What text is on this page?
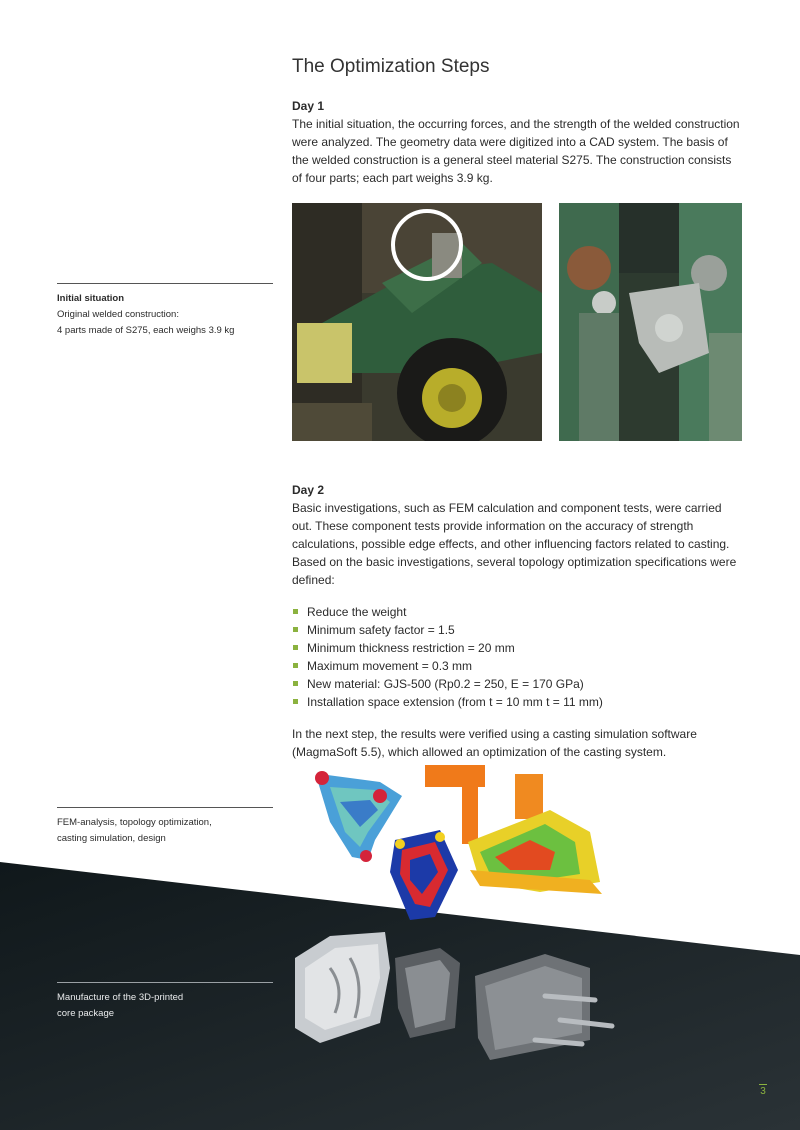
The Optimization Steps
Day 1

The initial situation, the occurring forces, and the strength of the welded construction were analyzed. The geometry data were digitized into a CAD system. The basis of the welded construction is a general steel material S275. The construction consists of four parts; each part weighs 3.9 kg.

Initial situation
Original welded construction:
4 parts made of S275, each weighs 3.9 kg
Day 2

Basic investigations, such as FEM calculation and component tests, were carried out. These component tests provide information on the accuracy of strength calculations, possible edge effects, and other influencing factors related to casting. Based on the basic investigations, several topology optimization specifications were defined:

Reduce the weight
Minimum safety factor = 1.5
Minimum thickness restriction = 20 mm
Maximum movement = 0.3 mm
New material: GJS-500 (Rp0.2 = 250, E = 170 GPa)
Installation space extension (from t = 10 mm t = 11 mm)

In the next step, the results were verified using a casting simulation software (MagmaSoft 5.5), which allowed an optimization of the casting system.

FEM-analysis, topology optimization,
casting simulation, design
Manufacture of the 3D-printed
core package
3
